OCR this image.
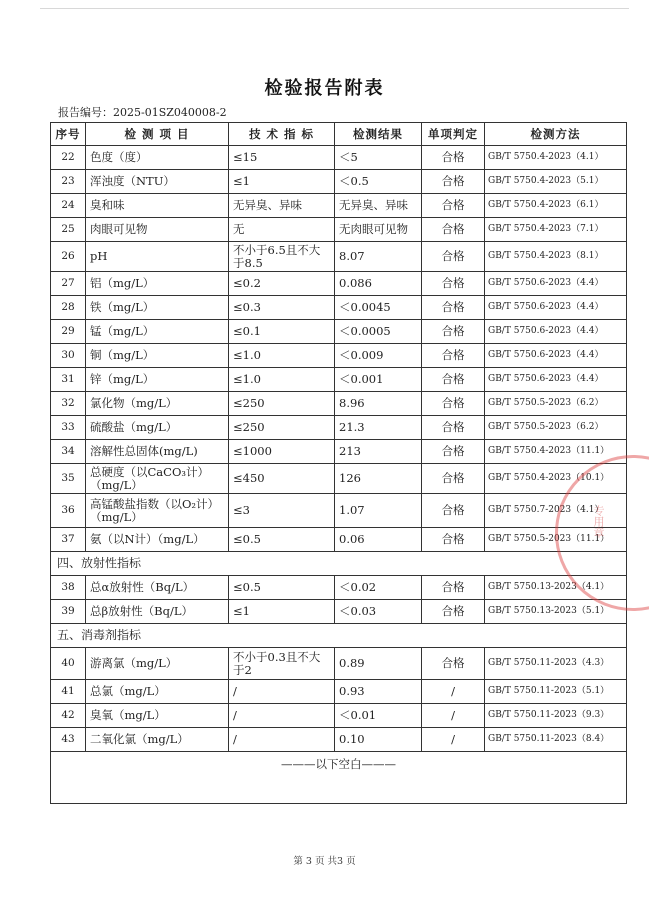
检验报告附表
报告编号：2025-01SZ040008-2
序号	检 测 项 目	技 术 指 标	检测结果	单项判定	检测方法
22	色度（度）	≤15	＜5	合格	GB/T 5750.4-2023（4.1）
23	浑浊度（NTU）	≤1	＜0.5	合格	GB/T 5750.4-2023（5.1）
24	臭和味	无异臭、异味	无异臭、异味	合格	GB/T 5750.4-2023（6.1）
25	肉眼可见物	无	无肉眼可见物	合格	GB/T 5750.4-2023（7.1）
26	pH	不小于6.5且不大于8.5	8.07	合格	GB/T 5750.4-2023（8.1）
27	铝（mg/L）	≤0.2	0.086	合格	GB/T 5750.6-2023（4.4）
28	铁（mg/L）	≤0.3	＜0.0045	合格	GB/T 5750.6-2023（4.4）
29	锰（mg/L）	≤0.1	＜0.0005	合格	GB/T 5750.6-2023（4.4）
30	铜（mg/L）	≤1.0	＜0.009	合格	GB/T 5750.6-2023（4.4）
31	锌（mg/L）	≤1.0	＜0.001	合格	GB/T 5750.6-2023（4.4）
32	氯化物（mg/L）	≤250	8.96	合格	GB/T 5750.5-2023（6.2）
33	硫酸盐（mg/L）	≤250	21.3	合格	GB/T 5750.5-2023（6.2）
34	溶解性总固体(mg/L)	≤1000	213	合格	GB/T 5750.4-2023（11.1）
35	总硬度（以CaCO₃计）（mg/L）	≤450	126	合格	GB/T 5750.4-2023（10.1）
36	高锰酸盐指数（以O₂计）（mg/L）	≤3	1.07	合格	GB/T 5750.7-2023（4.1）
37	氨（以N计）（mg/L）	≤0.5	0.06	合格	GB/T 5750.5-2023（11.1）
四、放射性指标					
38	总α放射性（Bq/L）	≤0.5	＜0.02	合格	GB/T 5750.13-2023（4.1）
39	总β放射性（Bq/L）	≤1	＜0.03	合格	GB/T 5750.13-2023（5.1）
五、消毒剂指标					
40	游离氯（mg/L）	不小于0.3且不大于2	0.89	合格	GB/T 5750.11-2023（4.3）
41	总氯（mg/L）	/	0.93	/	GB/T 5750.11-2023（5.1）
42	臭氧（mg/L）	/	＜0.01	/	GB/T 5750.11-2023（9.3）
43	二氧化氯（mg/L）	/	0.10	/	GB/T 5750.11-2023（8.4）

———以下空白———					
专用章
第 3 页 共3 页
